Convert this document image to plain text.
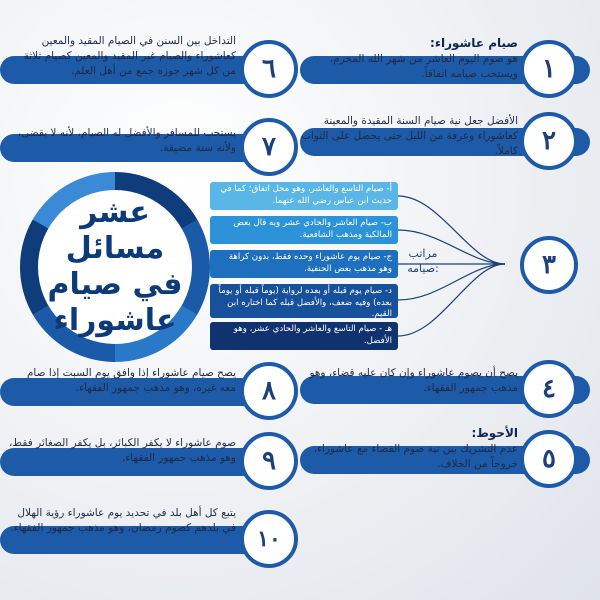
١
صيام عاشوراء:
هو صوم اليوم العاشر من شهر الله المحرم، ويستحب صيامه اتفاقاً.
٢
الأفضل جعل نية صيام السنة المقيدة والمعينة كعاشوراء وعرفة من الليل حتى يحصل على الثواب كاملاً.
٣
مراتب صيامه:
أ- صيام التاسع والعاشر، وهو محل اتفاق؛ كما في حديث ابن عباس رضي الله عنهما.
ب- صيام العاشر والحادي عشر وبه قال بعض المالكية ومذهب الشافعية.
ج- صيام يوم عاشوراء وحده فقط، بدون كراهة وهو مذهب بعض الحنفية.
د- صيام يوم قبله أو بعده لرواية (يوماً قبله أو يوماً بعده) وفيه ضعف، والأفضل قبله كما اختاره ابن القيم.
هـ - صيام التاسع والعاشر والحادي عشر، وهو الأفضل.
٤
يصح أن يصوم عاشوراء وإن كان عليه قضاء، وهو مذهب جمهور الفقهاء.
٥
الأحوط:
عدم التشريك بين نية صوم القضاء مع عاشوراء، خروجاً من الخلاف.
٦
التداخل بين السنن في الصيام المقيد والمعين كعاشوراء والصيام غير المقيد والمعين كصيام ثلاثة من كل شهر جوزه جمع من أهل العلم.
٧
يستحب للمسافر والأفضل له الصيام، لأنه لا يقضى، ولأنه سنة مضيقة.
عشر
مسائل
في صيام
عاشوراء
٨
يصح صيام عاشوراء إذا وافق يوم السبت إذا صام معه غيره، وهو مذهب جمهور الفقهاء.
٩
صوم عاشوراء لا يكفر الكبائر، بل يكفر الصغائر فقط، وهو مذهب جمهور الفقهاء.
١٠
يتبع كل أهل بلد في تحديد يوم عاشوراء رؤية الهلال في بلدهم كصوم رمضان، وهو مذهب جمهور الفقهاء.
